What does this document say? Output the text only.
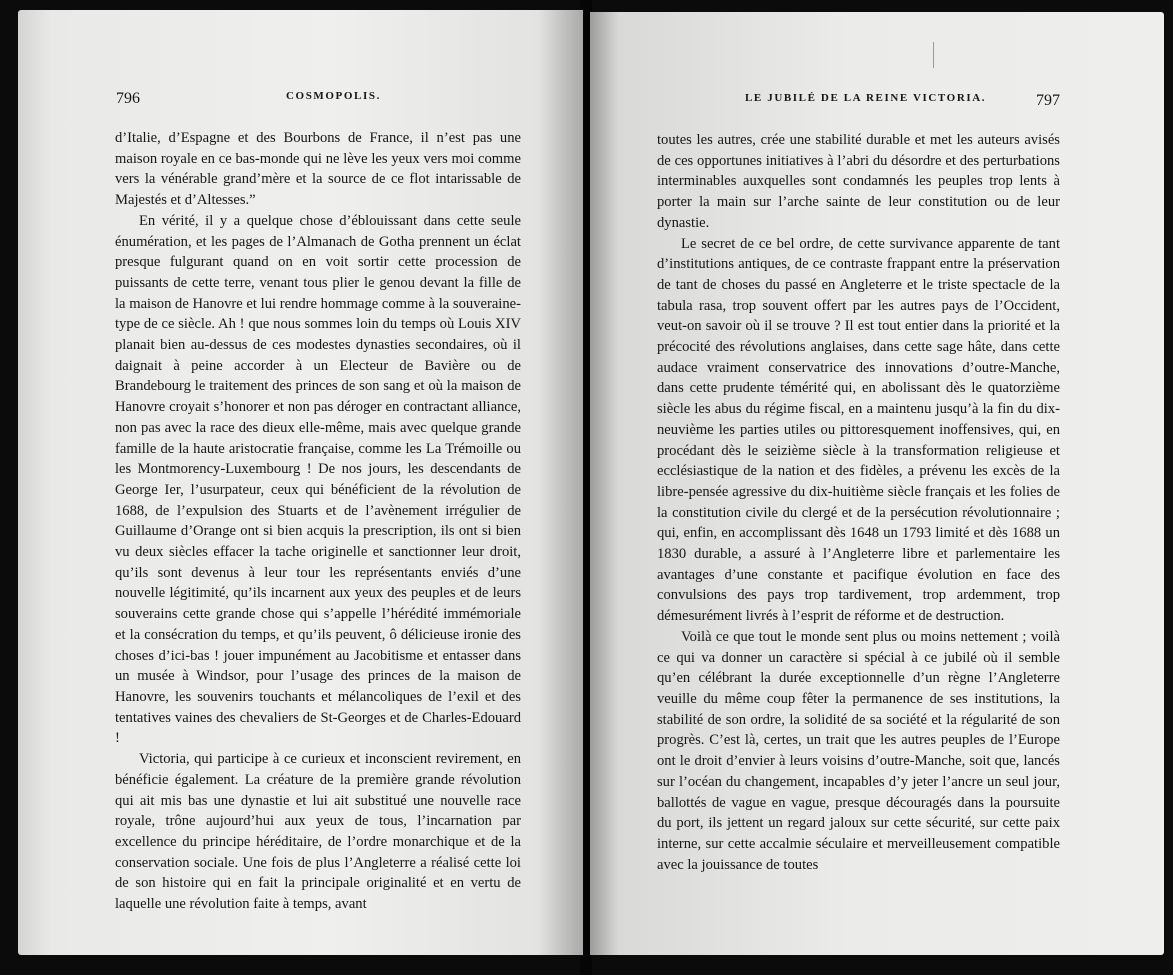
796	COSMOPOLIS.

d’Italie, d’Espagne et des Bourbons de France, il n’est pas une maison royale en ce bas-monde qui ne lève les yeux vers moi comme vers la vénérable grand’mère et la source de ce flot intarissable de Majestés et d’Altesses.”

En vérité, il y a quelque chose d’éblouissant dans cette seule énumération, et les pages de l’Almanach de Gotha prennent un éclat presque fulgurant quand on en voit sortir cette procession de puissants de cette terre, venant tous plier le genou devant la fille de la maison de Hanovre et lui rendre hommage comme à la souveraine-type de ce siècle. Ah ! que nous sommes loin du temps où Louis XIV planait bien au-dessus de ces modestes dynasties secondaires, où il daignait à peine accorder à un Electeur de Bavière ou de Brandebourg le traitement des princes de son sang et où la maison de Hanovre croyait s’honorer et non pas déroger en contractant alliance, non pas avec la race des dieux elle-même, mais avec quelque grande famille de la haute aristocratie française, comme les La Trémoille ou les Montmorency-Luxembourg ! De nos jours, les descendants de George Ier, l’usurpateur, ceux qui bénéficient de la révolution de 1688, de l’expulsion des Stuarts et de l’avènement irrégulier de Guillaume d’Orange ont si bien acquis la prescription, ils ont si bien vu deux siècles effacer la tache originelle et sanctionner leur droit, qu’ils sont devenus à leur tour les représentants enviés d’une nouvelle légitimité, qu’ils incarnent aux yeux des peuples et de leurs souverains cette grande chose qui s’appelle l’hérédité immémoriale et la consécration du temps, et qu’ils peuvent, ô délicieuse ironie des choses d’ici-bas ! jouer impunément au Jacobitisme et entasser dans un musée à Windsor, pour l’usage des princes de la maison de Hanovre, les souvenirs touchants et mélancoliques de l’exil et des tentatives vaines des chevaliers de St-Georges et de Charles-Edouard !

Victoria, qui participe à ce curieux et inconscient revirement, en bénéficie également. La créature de la première grande révolution qui ait mis bas une dynastie et lui ait substitué une nouvelle race royale, trône aujourd’hui aux yeux de tous, l’incarnation par excellence du principe héréditaire, de l’ordre monarchique et de la conservation sociale. Une fois de plus l’Angleterre a réalisé cette loi de son histoire qui en fait la principale originalité et en vertu de laquelle une révolution faite à temps, avant

LE JUBILÉ DE LA REINE VICTORIA.	797

toutes les autres, crée une stabilité durable et met les auteurs avisés de ces opportunes initiatives à l’abri du désordre et des perturbations interminables auxquelles sont condamnés les peuples trop lents à porter la main sur l’arche sainte de leur constitution ou de leur dynastie.

Le secret de ce bel ordre, de cette survivance apparente de tant d’institutions antiques, de ce contraste frappant entre la préservation de tant de choses du passé en Angleterre et le triste spectacle de la tabula rasa, trop souvent offert par les autres pays de l’Occident, veut-on savoir où il se trouve ? Il est tout entier dans la priorité et la précocité des révolutions anglaises, dans cette sage hâte, dans cette audace vraiment conservatrice des innovations d’outre-Manche, dans cette prudente témérité qui, en abolissant dès le quatorzième siècle les abus du régime fiscal, en a maintenu jusqu’à la fin du dix-neuvième les parties utiles ou pittoresquement inoffensives, qui, en procédant dès le seizième siècle à la transformation religieuse et ecclésiastique de la nation et des fidèles, a prévenu les excès de la libre-pensée agressive du dix-huitième siècle français et les folies de la constitution civile du clergé et de la persécution révolutionnaire ; qui, enfin, en accomplissant dès 1648 un 1793 limité et dès 1688 un 1830 durable, a assuré à l’Angleterre libre et parlementaire les avantages d’une constante et pacifique évolution en face des convulsions des pays trop tardivement, trop ardemment, trop démesurément livrés à l’esprit de réforme et de destruction.

Voilà ce que tout le monde sent plus ou moins nettement ; voilà ce qui va donner un caractère si spécial à ce jubilé où il semble qu’en célébrant la durée exceptionnelle d’un règne l’Angleterre veuille du même coup fêter la permanence de ses institutions, la stabilité de son ordre, la solidité de sa société et la régularité de son progrès. C’est là, certes, un trait que les autres peuples de l’Europe ont le droit d’envier à leurs voisins d’outre-Manche, soit que, lancés sur l’océan du changement, incapables d’y jeter l’ancre un seul jour, ballottés de vague en vague, presque découragés dans la poursuite du port, ils jettent un regard jaloux sur cette sécurité, sur cette paix interne, sur cette accalmie séculaire et merveilleusement compatible avec la jouissance de toutes
